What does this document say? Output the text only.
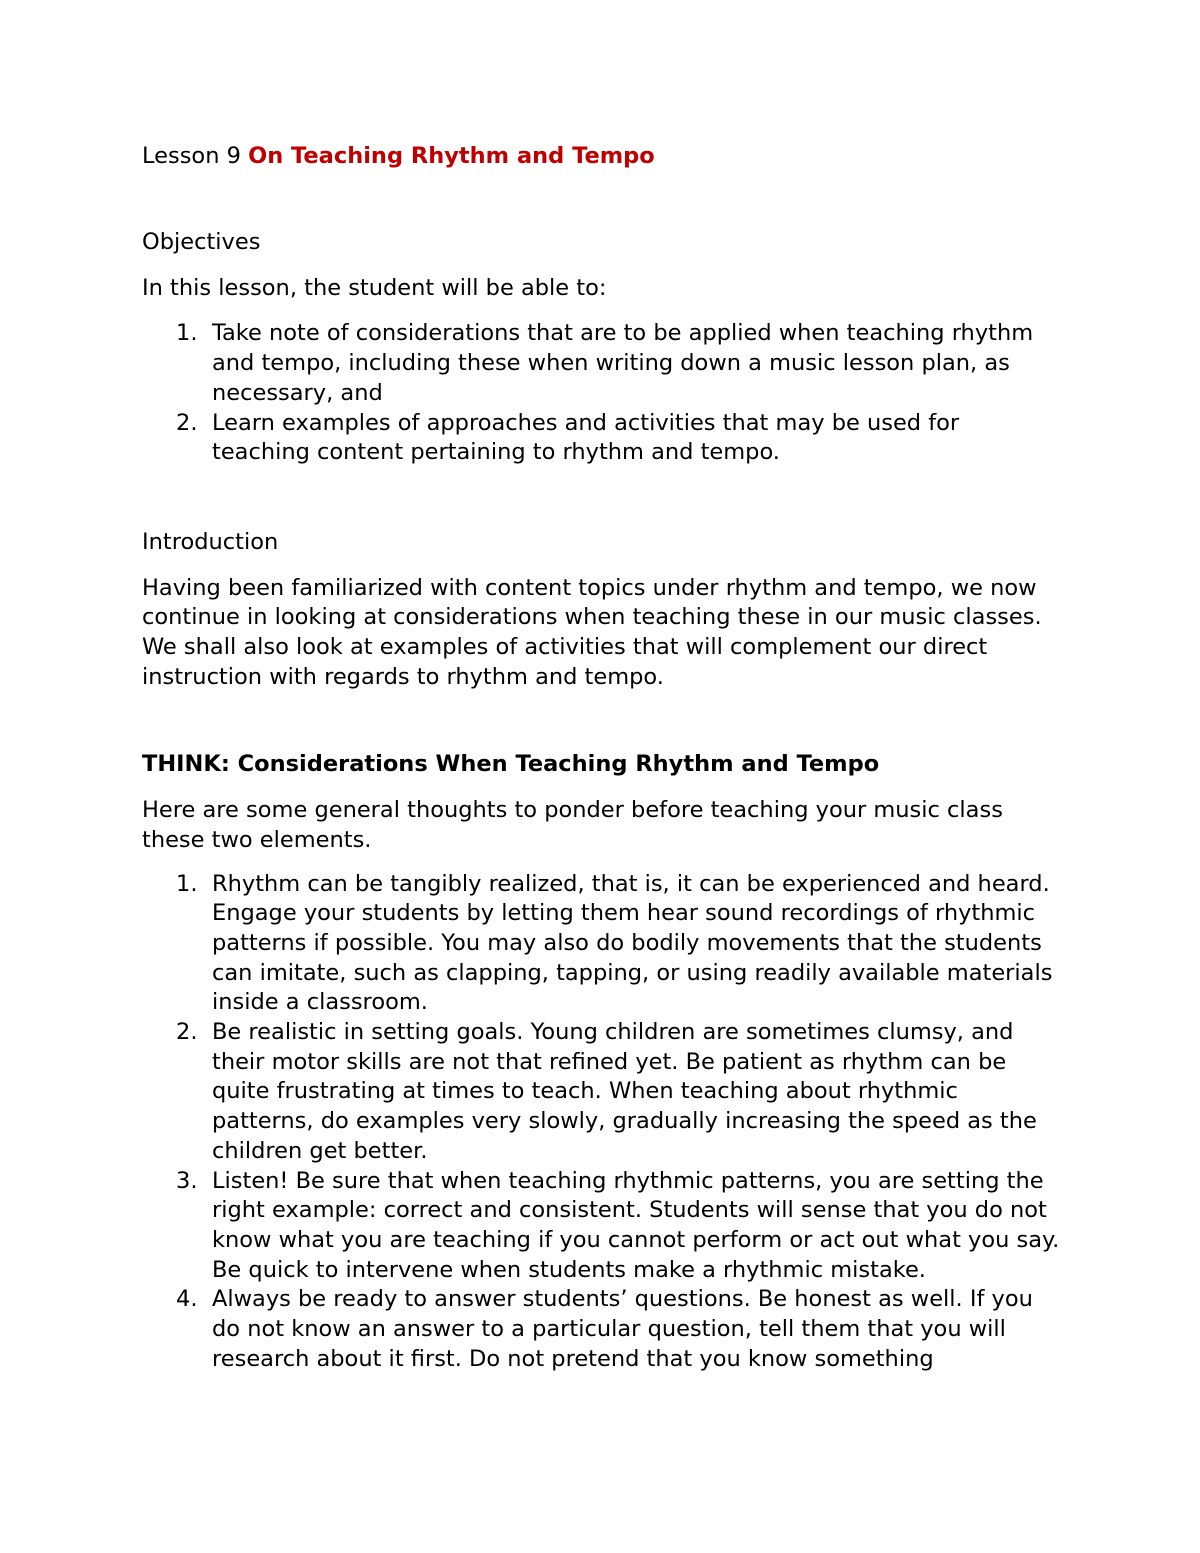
Lesson 9 On Teaching Rhythm and Tempo

Objectives

In this lesson, the student will be able to:

1. Take note of considerations that are to be applied when teaching rhythm and tempo, including these when writing down a music lesson plan, as necessary, and
2. Learn examples of approaches and activities that may be used for teaching content pertaining to rhythm and tempo.

Introduction

Having been familiarized with content topics under rhythm and tempo, we now continue in looking at considerations when teaching these in our music classes. We shall also look at examples of activities that will complement our direct instruction with regards to rhythm and tempo.

THINK: Considerations When Teaching Rhythm and Tempo

Here are some general thoughts to ponder before teaching your music class these two elements.

1. Rhythm can be tangibly realized, that is, it can be experienced and heard. Engage your students by letting them hear sound recordings of rhythmic patterns if possible. You may also do bodily movements that the students can imitate, such as clapping, tapping, or using readily available materials inside a classroom.
2. Be realistic in setting goals. Young children are sometimes clumsy, and their motor skills are not that refined yet. Be patient as rhythm can be quite frustrating at times to teach. When teaching about rhythmic patterns, do examples very slowly, gradually increasing the speed as the children get better.
3. Listen! Be sure that when teaching rhythmic patterns, you are setting the right example: correct and consistent. Students will sense that you do not know what you are teaching if you cannot perform or act out what you say. Be quick to intervene when students make a rhythmic mistake.
4. Always be ready to answer students’ questions. Be honest as well. If you do not know an answer to a particular question, tell them that you will research about it first. Do not pretend that you know something
